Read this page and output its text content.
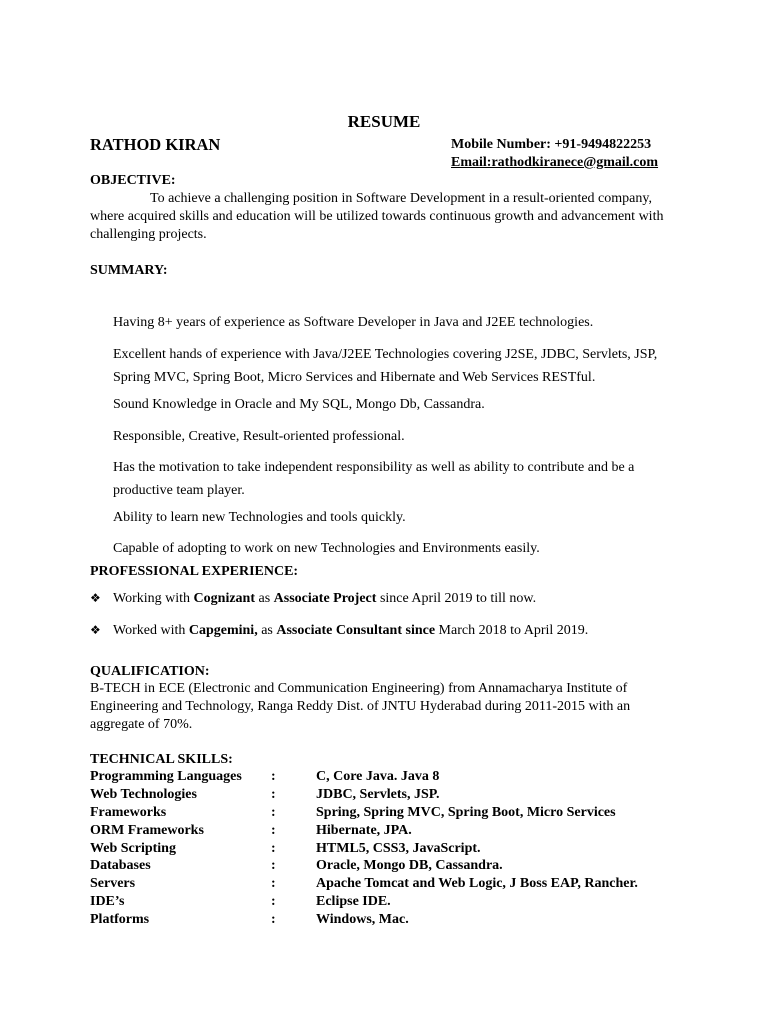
RESUME
RATHOD KIRAN	Mobile Number: +91-9494822253
Email:rathodkiranece@gmail.com
OBJECTIVE:
To achieve a challenging position in Software Development in a result-oriented company, where acquired skills and education will be utilized towards continuous growth and advancement with challenging projects.
SUMMARY:
Having 8+ years of experience as Software Developer in Java and J2EE technologies.
Excellent hands of experience with Java/J2EE Technologies covering J2SE, JDBC, Servlets, JSP, Spring MVC, Spring Boot, Micro Services and Hibernate and Web Services RESTful.
Sound Knowledge in Oracle and My SQL, Mongo Db, Cassandra.
Responsible, Creative, Result-oriented professional.
Has the motivation to take independent responsibility as well as ability to contribute and be a productive team player.
Ability to learn new Technologies and tools quickly.
Capable of adopting to work on new Technologies and Environments easily.
PROFESSIONAL EXPERIENCE:
❖ Working with Cognizant as Associate Project since April 2019 to till now.
❖ Worked with Capgemini, as Associate Consultant since March 2018 to April 2019.
QUALIFICATION:
B-TECH in ECE (Electronic and Communication Engineering) from Annamacharya Institute of Engineering and Technology, Ranga Reddy Dist. of JNTU Hyderabad during 2011-2015 with an aggregate of 70%.
TECHNICAL SKILLS:
Programming Languages :	C, Core Java. Java 8
Web Technologies	:	JDBC, Servlets, JSP.
Frameworks	:	Spring, Spring MVC, Spring Boot, Micro Services
ORM Frameworks	:	Hibernate, JPA.
Web Scripting	:	HTML5, CSS3, JavaScript.
Databases	:	Oracle, Mongo DB, Cassandra.
Servers	:	Apache Tomcat and Web Logic, J Boss EAP, Rancher.
IDE’s	:	Eclipse IDE.
Platforms	:	Windows, Mac.
